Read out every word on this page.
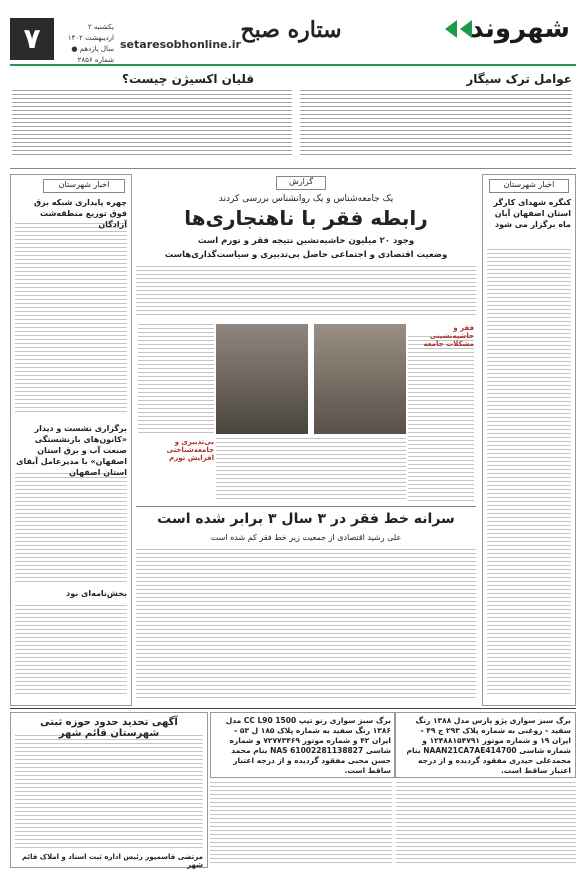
شهروند
ستاره صبح
setaresobhonline.ir
۷	یکشنبه ۲ اردیبهشت ۱۴۰۲
سال یازدهم ● شماره ۲۸۵۶
عوامل ترک سیگار
قلیان اکسیژن چیست؟
اخبار شهرستان
کنگره شهدای کارگر استان اصفهان آبان ماه برگزار می شود
اخبار شهرستان
چهره پایداری شبکه برق فوق توزیع منطقه‌شت آزادگان
برگزاری نشست و دیدار «کانون‌های بازنشستگی صنعت آب و برق استان اصفهان» با مدیرعامل آبفای استان اصفهان
بخش‌نامه‌ای بود
گزارش
یک جامعه‌شناس و یک روانشناس بررسی کردند
رابطه فقر با ناهنجاری‌ها
وجود ۲۰ میلیون حاشیه‌نشین نتیجه فقر و تورم است
وضعیت اقتصادی و اجتماعی حاصل بی‌تدبیری و سیاست‌گذاری‌هاست
فقر و حاشیه‌نشینی مشکلات جامعه
بی‌تدبیری و جامعه‌شناختی افزایش تورم
سرانه خط فقر در ۳ سال ۳ برابر شده است
علی رشید اقتصادی از جمعیت زیر خط فقر کم شده است
برگ سبز سواری پژو پارس مدل ۱۳۸۸ رنگ سفید - روغنی به شماره پلاک ۲۹۳ ج ۴۹ - ایران ۱۹ و شماره موتور ۱۲۴۸۸۱۵۴۷۹۱ و شماره شاسی NAAN21CA7AE414700 بنام محمدعلی حیدری مفقود گردیده و از درجه اعتبار ساقط است.
برگ سبز سواری رنو تیپ 1500 CC L90 مدل ۱۳۸۶ رنگ سفید به شماره پلاک ۱۸۵ ل ۵۳ - ایران ۴۲ و شماره موتور ۷۲۷۷۳۴۶۹ و شماره شاسی NAS 61002281138827 بنام محمد حسن محبی مفقود گردیده و از درجه اعتبار ساقط است.
آگهی تحدید حدود حوزه ثبتی شهرستان قائم شهر
مرتضی قاسمپور رئیس اداره ثبت اسناد و املاک قائم شهر
